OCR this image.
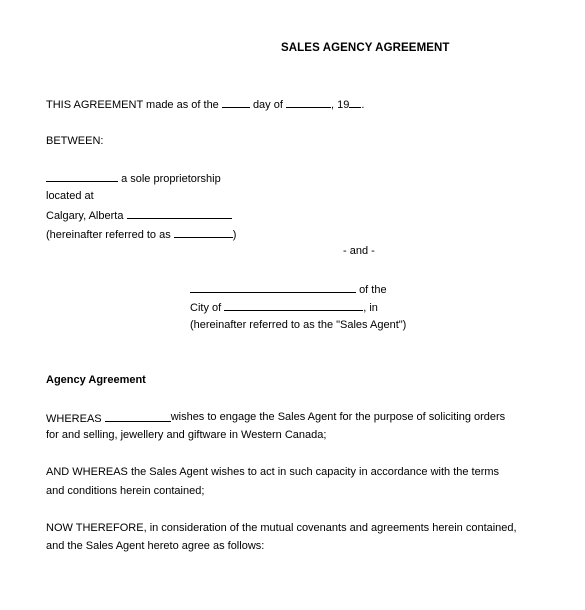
SALES AGENCY AGREEMENT
THIS AGREEMENT made as of the	day of	, 19 .
BETWEEN:
a sole proprietorship
located at
Calgary, Alberta
(hereinafter referred to as	)
- and -
of the
City of	, in
(hereinafter referred to as the "Sales Agent")
Agency Agreement
WHEREAS	wishes to engage the Sales Agent for the purpose of soliciting orders
for and selling, jewellery and giftware in Western Canada;
AND WHEREAS the Sales Agent wishes to act in such capacity in accordance with the terms
and conditions herein contained;
NOW THEREFORE, in consideration of the mutual covenants and agreements herein contained,
and the Sales Agent hereto agree as follows:
